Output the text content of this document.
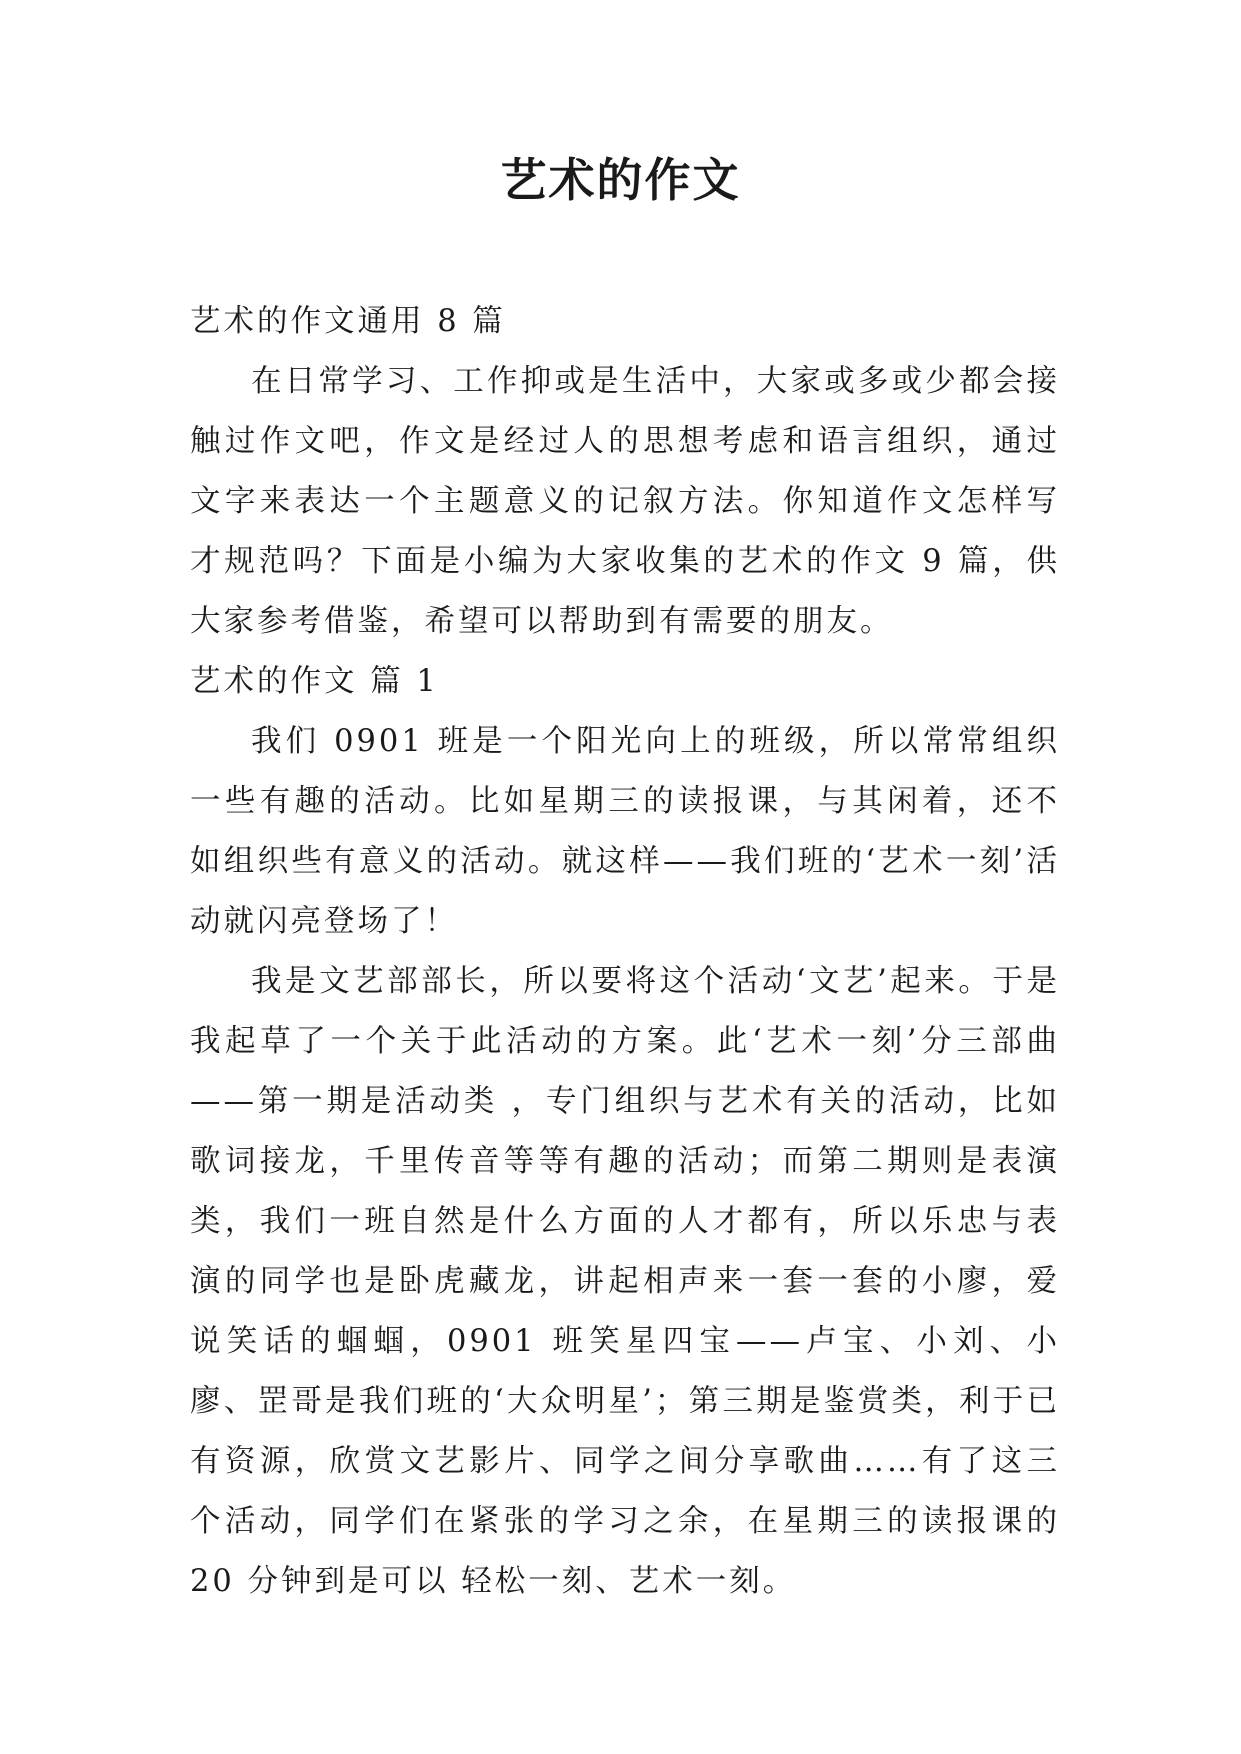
艺术的作文

艺术的作文通用 8 篇

在日常学习、工作抑或是生活中，大家或多或少都会接触过作文吧，作文是经过人的思想考虑和语言组织，通过文字来表达一个主题意义的记叙方法。你知道作文怎样写才规范吗？下面是小编为大家收集的艺术的作文 9 篇，供大家参考借鉴，希望可以帮助到有需要的朋友。

艺术的作文 篇 1

我们 0901 班是一个阳光向上的班级，所以常常组织一些有趣的活动。比如星期三的读报课，与其闲着，还不如组织些有意义的活动。就这样——我们班的‘艺术一刻’活动就闪亮登场了！

我是文艺部部长，所以要将这个活动‘文艺’起来。于是我起草了一个关于此活动的方案。此‘艺术一刻’分三部曲——第一期是活动类 ，专门组织与艺术有关的活动，比如歌词接龙，千里传音等等有趣的活动；而第二期则是表演类，我们一班自然是什么方面的人才都有，所以乐忠与表演的同学也是卧虎藏龙，讲起相声来一套一套的小廖，爱说笑话的蝈蝈，0901 班笑星四宝——卢宝、小刘、小廖、罡哥是我们班的‘大众明星’；第三期是鉴赏类，利于已有资源，欣赏文艺影片、同学之间分享歌曲……有了这三个活动，同学们在紧张的学习之余，在星期三的读报课的 20 分钟到是可以 轻松一刻、艺术一刻。
